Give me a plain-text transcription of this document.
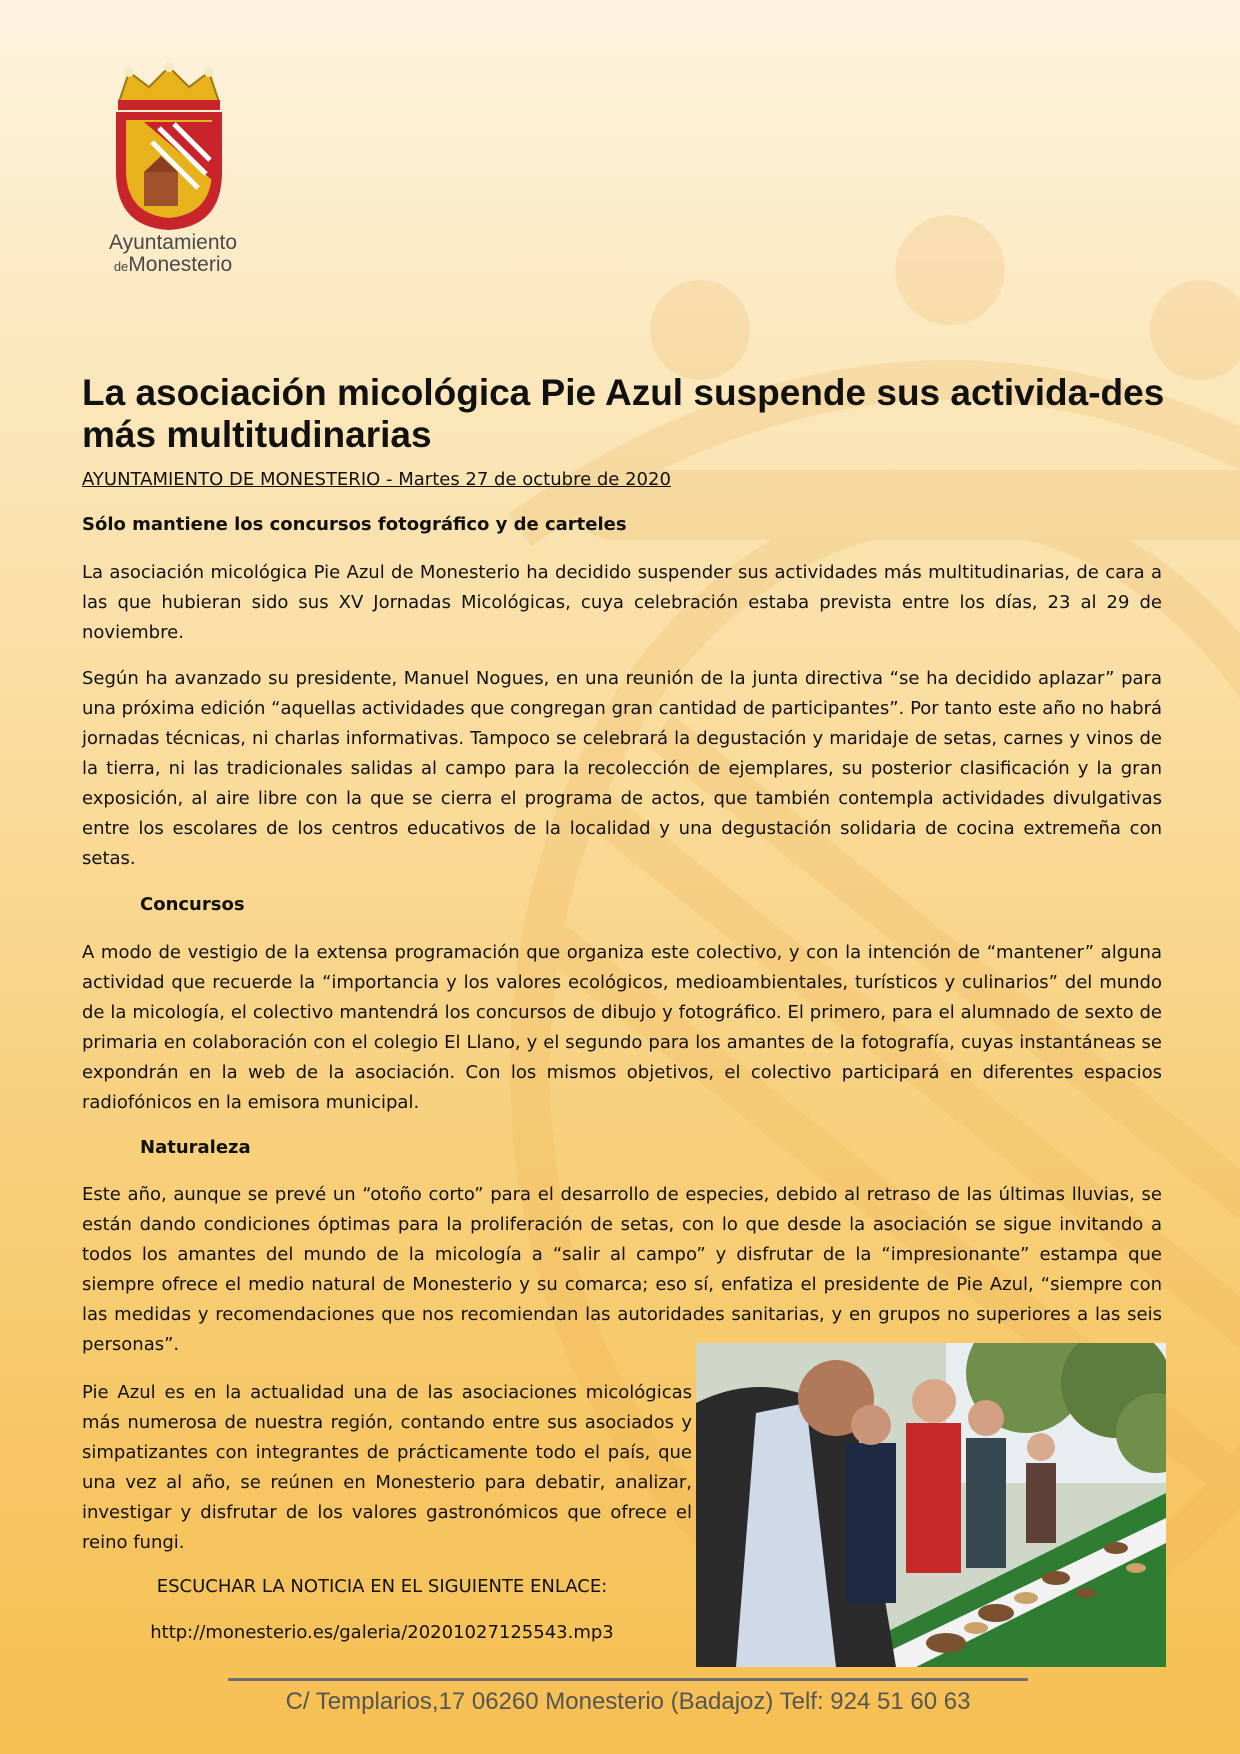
Ayuntamiento
deMonesterio
La asociación micológica Pie Azul suspende sus activida-des más multitudinarias

AYUNTAMIENTO DE MONESTERIO - Martes 27 de octubre de 2020

Sólo mantiene los concursos fotográfico y de carteles

La asociación micológica Pie Azul de Monesterio ha decidido suspender sus actividades más multitudinarias, de cara a las que hubieran sido sus XV Jornadas Micológicas, cuya celebración estaba prevista entre los días, 23 al 29 de noviembre.

Según ha avanzado su presidente, Manuel Nogues, en una reunión de la junta directiva “se ha decidido aplazar” para una próxima edición “aquellas actividades que congregan gran cantidad de participantes”. Por tanto este año no habrá jornadas técnicas, ni charlas informativas. Tampoco se celebrará la degustación y maridaje de setas, carnes y vinos de la tierra, ni las tradicionales salidas al campo para la recolección de ejemplares, su posterior clasificación y la gran exposición, al aire libre con la que se cierra el programa de actos, que también contempla actividades divulgativas entre los escolares de los centros educativos de la localidad y una degustación solidaria de cocina extremeña con setas.

Concursos

A modo de vestigio de la extensa programación que organiza este colectivo, y con la intención de “mantener” alguna actividad que recuerde la “importancia y los valores ecológicos, medioambientales, turísticos y culinarios” del mundo de la micología, el colectivo mantendrá los concursos de dibujo y fotográfico. El primero, para el alumnado de sexto de primaria en colaboración con el colegio El Llano, y el segundo para los amantes de la fotografía, cuyas instantáneas se expondrán en la web de la asociación. Con los mismos objetivos, el colectivo participará en diferentes espacios radiofónicos en la emisora municipal.

Naturaleza

Este año, aunque se prevé un “otoño corto” para el desarrollo de especies, debido al retraso de las últimas lluvias, se están dando condiciones óptimas para la proliferación de setas, con lo que desde la asociación se sigue invitando a todos los amantes del mundo de la micología a “salir al campo” y disfrutar de la “impresionante” estampa que siempre ofrece el medio natural de Monesterio y su comarca; eso sí, enfatiza el presidente de Pie Azul, “siempre con las medidas y recomendaciones que nos recomiendan las autoridades sanitarias, y en grupos no superiores a las seis personas”.

Pie Azul es en la actualidad una de las asociaciones micológicas más numerosa de nuestra región, contando entre sus asociados y simpatizantes con integrantes de prácticamente todo el país, que una vez al año, se reúnen en Monesterio para debatir, analizar, investigar y disfrutar de los valores gastronómicos que ofrece el reino fungi.

ESCUCHAR LA NOTICIA EN EL SIGUIENTE ENLACE:

http://monesterio.es/galeria/20201027125543.mp3

C/ Templarios,17 06260 Monesterio (Badajoz) Telf: 924 51 60 63
